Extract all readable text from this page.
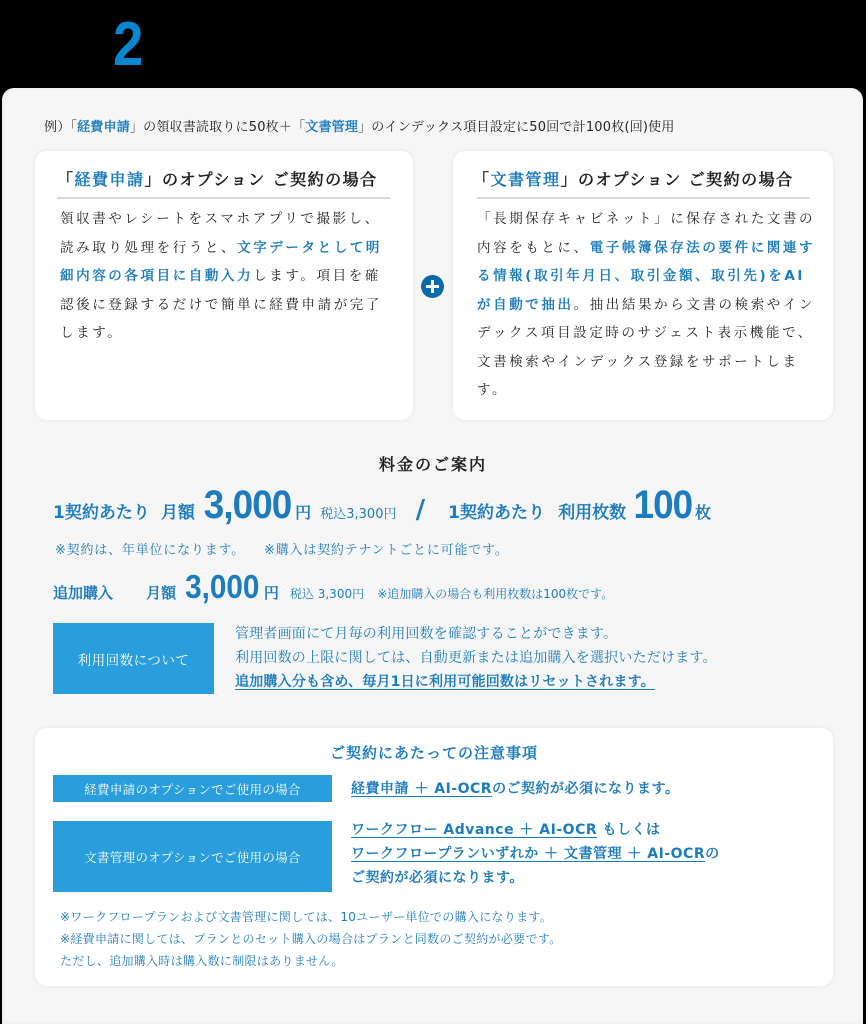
2
例）「経費申請」の領収書読取りに50枚＋「文書管理」のインデックス項目設定に50回で計100枚(回)使用
「経費申請」のオプション ご契約の場合
領収書やレシートをスマホアプリで撮影し、読み取り処理を行うと、文字データとして明細内容の各項目に自動入力します。項目を確認後に登録するだけで簡単に経費申請が完了します。
「文書管理」のオプション ご契約の場合
「長期保存キャビネット」に保存された文書の内容をもとに、電子帳簿保存法の要件に関連する情報(取引年月日、取引金額、取引先)をAIが自動で抽出。抽出結果から文書の検索やインデックス項目設定時のサジェスト表示機能で、文書検索やインデックス登録をサポートします。
料金のご案内
1契約あたり 月額 3,000 円 税込3,300円 / 1契約あたり 利用枚数 100 枚
※契約は、年単位になります。 ※購入は契約テナントごとに可能です。
追加購入 月額 3,000 円 税込 3,300円 ※追加購入の場合も利用枚数は100枚です。
利用回数について
管理者画面にて月毎の利用回数を確認することができます。
利用回数の上限に関しては、自動更新または追加購入を選択いただけます。
追加購入分も含め、毎月1日に利用可能回数はリセットされます。
ご契約にあたっての注意事項
経費申請のオプションでご使用の場合	経費申請 ＋ AI-OCRのご契約が必須になります。
文書管理のオプションでご使用の場合
ワークフロー Advance ＋ AI-OCR もしくは
ワークフロープランいずれか ＋ 文書管理 ＋ AI-OCRの
ご契約が必須になります。
※ワークフロープランおよび文書管理に関しては、10ユーザー単位での購入になります。
※経費申請に関しては、プランとのセット購入の場合はプランと同数のご契約が必要です。
ただし、追加購入時は購入数に制限はありません。
